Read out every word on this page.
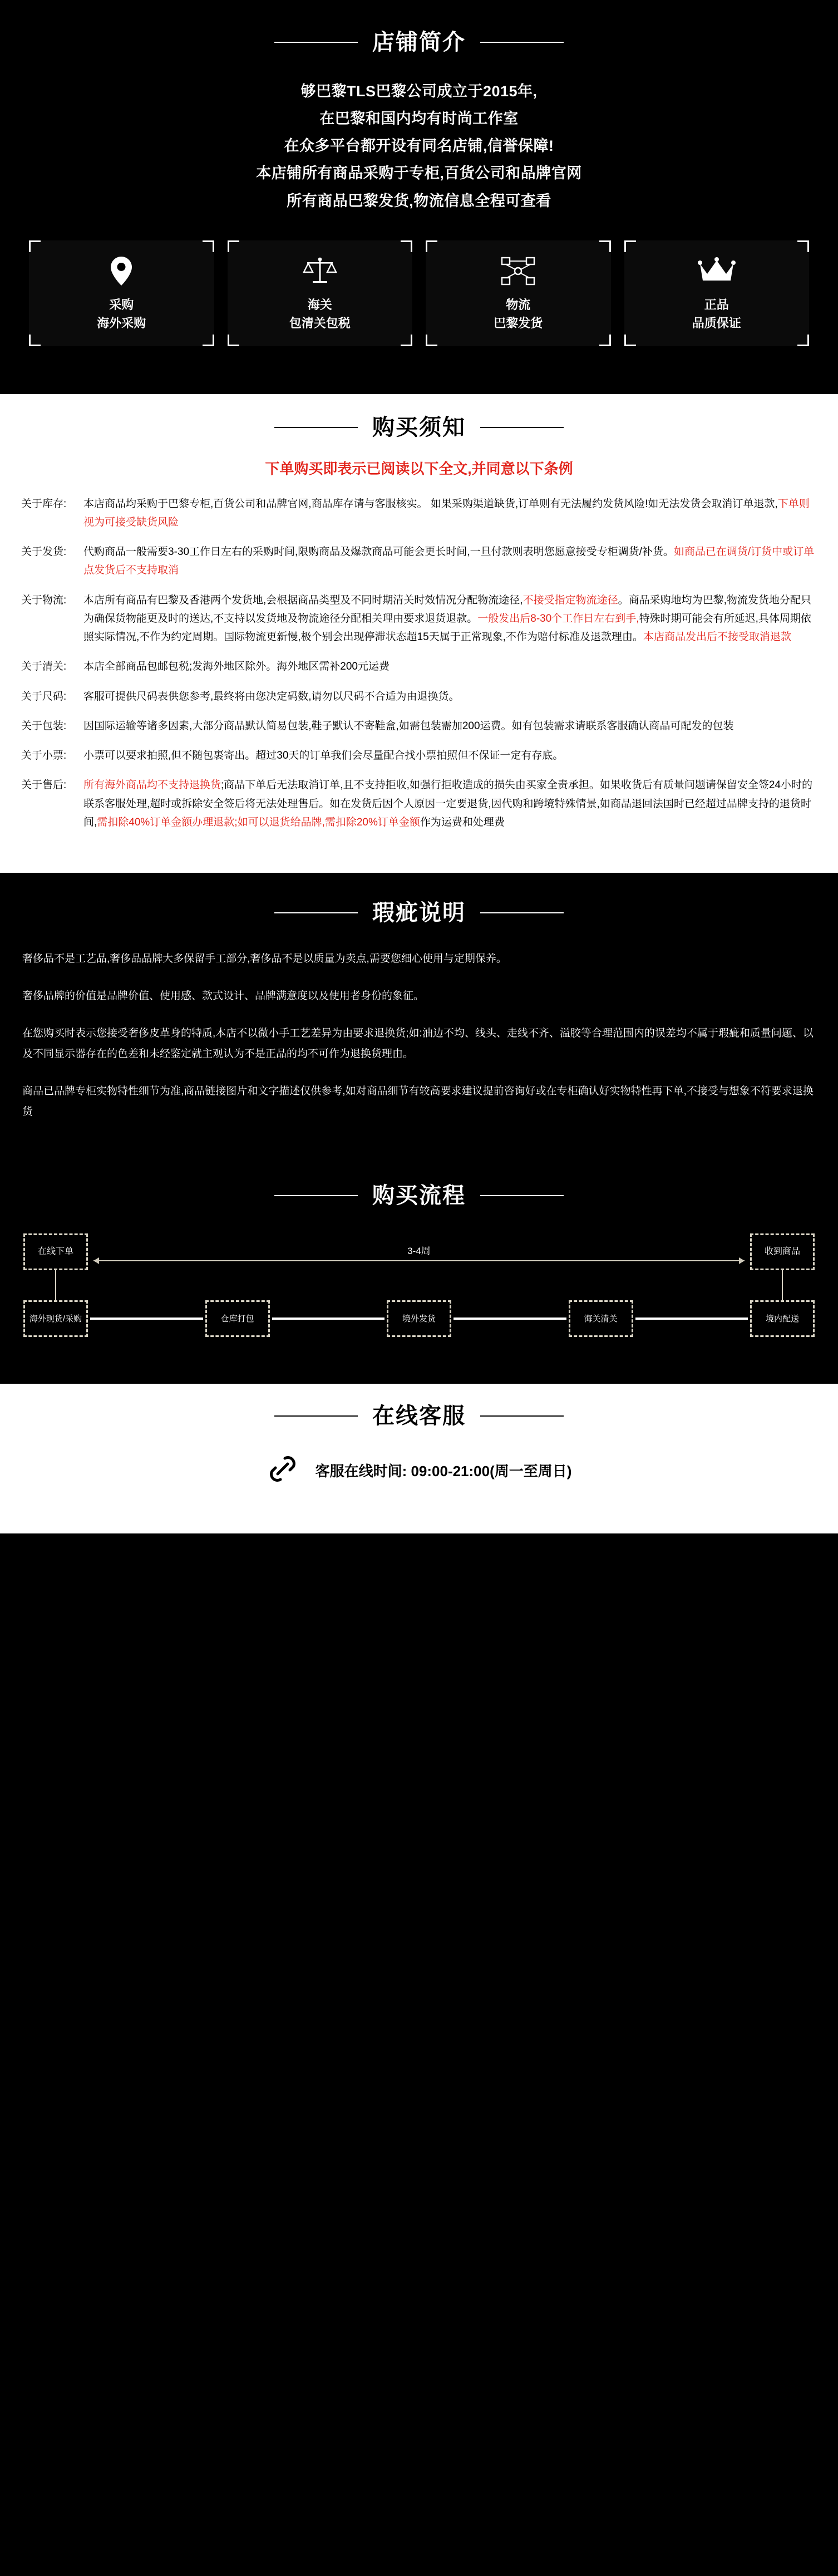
店铺简介
够巴黎TLS巴黎公司成立于2015年,
在巴黎和国内均有时尚工作室
在众多平台都开设有同名店铺,信誉保障!
本店铺所有商品采购于专柜,百货公司和品牌官网
所有商品巴黎发货,物流信息全程可查看
采购
海外采购
海关
包清关包税
物流
巴黎发货
正品
品质保证
购买须知
下单购买即表示已阅读以下全文,并同意以下条例
关于库存:	本店商品均采购于巴黎专柜,百货公司和品牌官网,商品库存请与客服核实。 如果采购渠道缺货,订单则有无法履约发货风险!如无法发货会取消订单退款,下单则视为可接受缺货风险
关于发货:	代购商品一般需要3-30工作日左右的采购时间,限购商品及爆款商品可能会更长时间,一旦付款则表明您愿意接受专柜调货/补货。如商品已在调货/订货中或订单点发货后不支持取消
关于物流:	本店所有商品有巴黎及香港两个发货地,会根据商品类型及不同时期清关时效情况分配物流途径,不接受指定物流途径。商品采购地均为巴黎,物流发货地分配只为确保货物能更及时的送达,不支持以发货地及物流途径分配相关理由要求退货退款。一般发出后8-30个工作日左右到手,特殊时期可能会有所延迟,具体周期依照实际情况,不作为约定周期。国际物流更新慢,极个别会出现停滞状态超15天属于正常现象,不作为赔付标准及退款理由。本店商品发出后不接受取消退款
关于清关:	本店全部商品包邮包税;发海外地区除外。海外地区需补200元运费
关于尺码:	客服可提供尺码表供您参考,最终将由您决定码数,请勿以尺码不合适为由退换货。
关于包装:	因国际运输等诸多因素,大部分商品默认简易包装,鞋子默认不寄鞋盒,如需包装需加200运费。如有包装需求请联系客服确认商品可配发的包装
关于小票:	小票可以要求拍照,但不随包裹寄出。超过30天的订单我们会尽量配合找小票拍照但不保证一定有存底。
关于售后:	所有海外商品均不支持退换货;商品下单后无法取消订单,且不支持拒收,如强行拒收造成的损失由买家全责承担。如果收货后有质量问题请保留安全签24小时的联系客服处理,超时或拆除安全签后将无法处理售后。如在发货后因个人原因一定要退货,因代购和跨境特殊情景,如商品退回法国时已经超过品牌支持的退货时间,需扣除40%订单金额办理退款;如可以退货给品牌,需扣除20%订单金额作为运费和处理费
瑕疵说明

奢侈品不是工艺品,奢侈品品牌大多保留手工部分,奢侈品不是以质量为卖点,需要您细心使用与定期保养。

奢侈品牌的价值是品牌价值、使用感、款式设计、品牌满意度以及使用者身份的象征。

在您购买时表示您接受奢侈皮革身的特质,本店不以微小手工艺差异为由要求退换货;如:油边不均、线头、走线不齐、溢胶等合理范围内的误差均不属于瑕疵和质量问题、以及不同显示器存在的色差和未经鉴定就主观认为不是正品的均不可作为退换货理由。

商品已品牌专柜实物特性细节为准,商品链接图片和文字描述仅供参考,如对商品细节有较高要求建议提前咨询好或在专柜确认好实物特性再下单,不接受与想象不符要求退换货

购买流程
在线下单	3-4周	收到商品
海外现货/采购	仓库打包	境外发货	海关清关	境内配送
在线客服
客服在线时间: 09:00-21:00(周一至周日)
